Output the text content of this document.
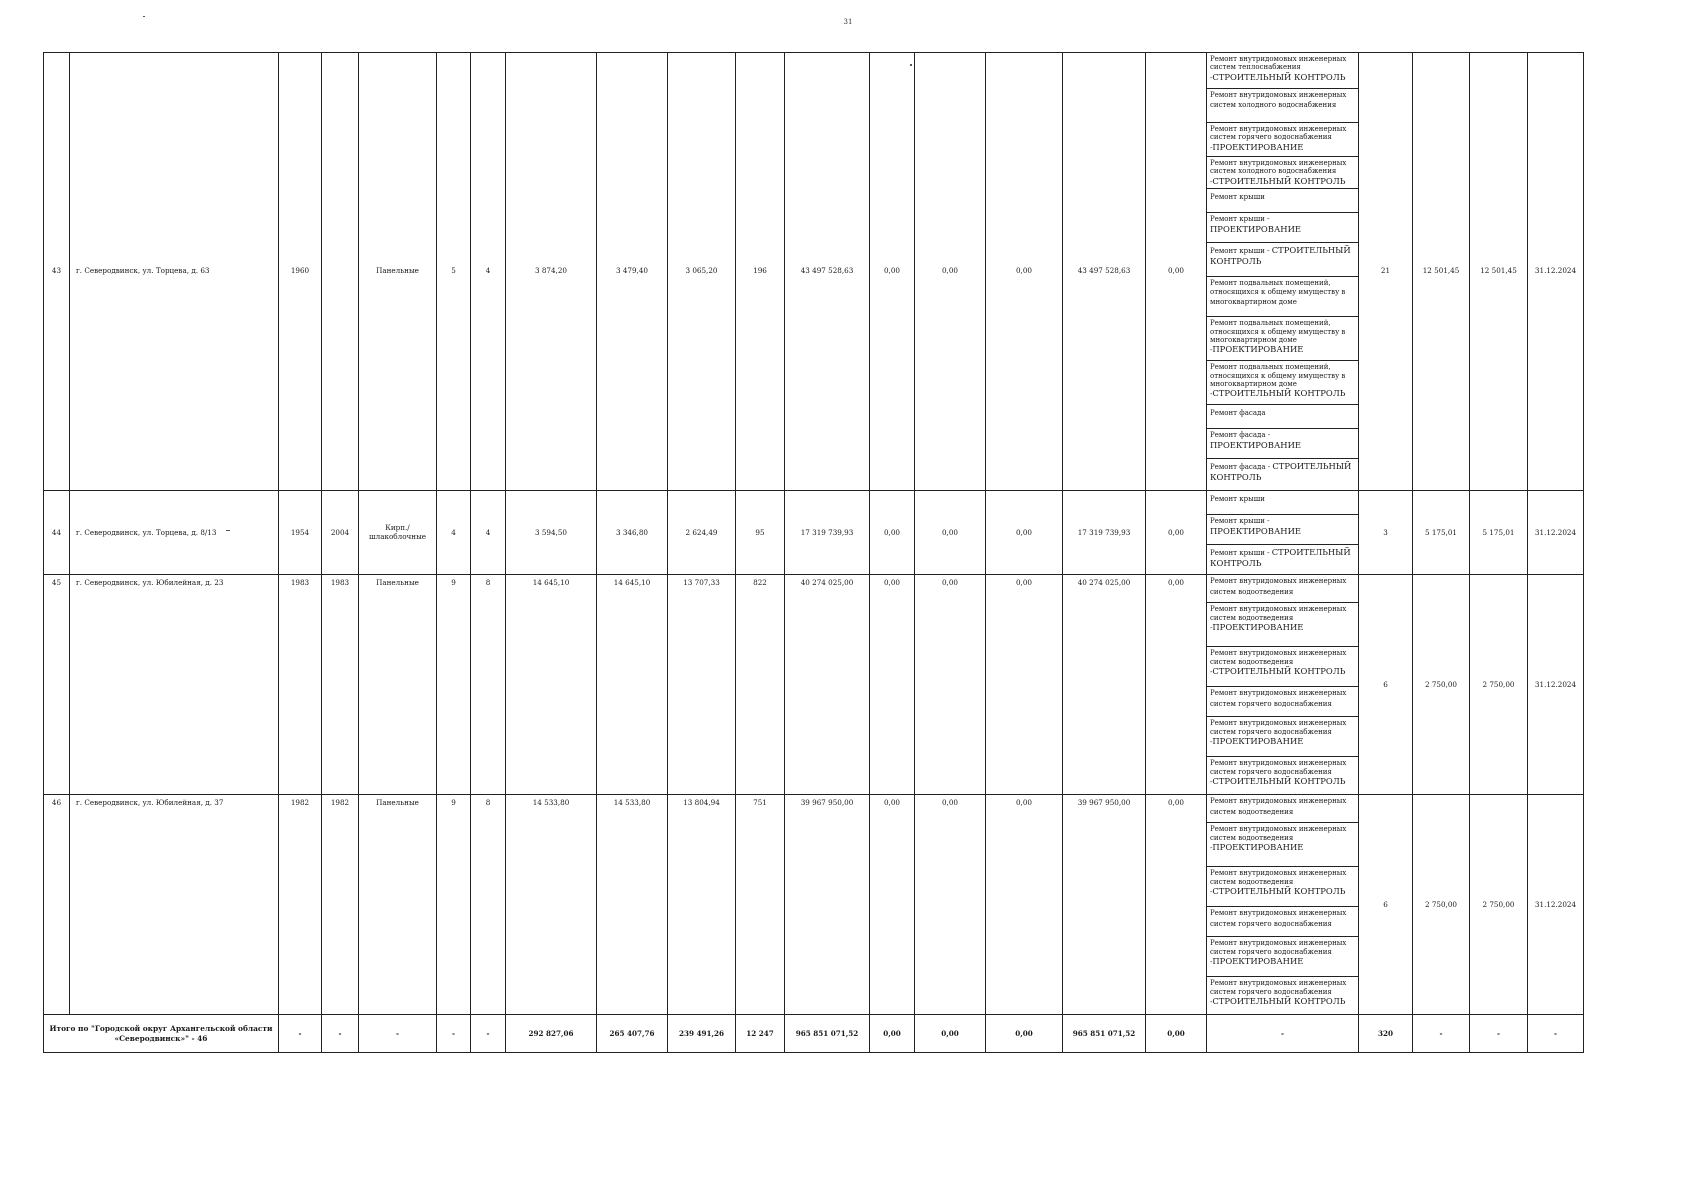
31
43	г. Северодвинск, ул. Торцева, д. 63	1960		Панельные	5	4	3 874,20	3 479,40	3 065,20	196	43 497 528,63	0,00	0,00	0,00	43 497 528,63	0,00	Ремонт внутридомовых инженерных систем теплоснабжения -СТРОИТЕЛЬНЫЙ КОНТРОЛЬ	21	12 501,45	12 501,45	31.12.2024
																	Ремонт внутридомовых инженерных систем холодного водоснабжения				
																	Ремонт внутридомовых инженерных систем горячего водоснабжения -ПРОЕКТИРОВАНИЕ				
																	Ремонт внутридомовых инженерных систем холодного водоснабжения -СТРОИТЕЛЬНЫЙ КОНТРОЛЬ				
																	Ремонт крыши				
																	Ремонт крыши - ПРОЕКТИРОВАНИЕ				
																	Ремонт крыши - СТРОИТЕЛЬНЫЙ КОНТРОЛЬ				
																	Ремонт подвальных помещений, относящихся к общему имуществу в многоквартирном доме				
																	Ремонт подвальных помещений, относящихся к общему имуществу в многоквартирном доме -ПРОЕКТИРОВАНИЕ				
																	Ремонт подвальных помещений, относящихся к общему имуществу в многоквартирном доме -СТРОИТЕЛЬНЫЙ КОНТРОЛЬ				
																	Ремонт фасада				
																	Ремонт фасада - ПРОЕКТИРОВАНИЕ				
																	Ремонт фасада - СТРОИТЕЛЬНЫЙ КОНТРОЛЬ				
44	г. Северодвинск, ул. Торцева, д. 8/13	1954	2004	Кирп./шлакоблочные	4	4	3 594,50	3 346,80	2 624,49	95	17 319 739,93	0,00	0,00	0,00	17 319 739,93	0,00	Ремонт крыши	3	5 175,01	5 175,01	31.12.2024
																	Ремонт крыши - ПРОЕКТИРОВАНИЕ				
																	Ремонт крыши - СТРОИТЕЛЬНЫЙ КОНТРОЛЬ				
45	г. Северодвинск, ул. Юбилейная, д. 23	1983	1983	Панельные	9	8	14 645,10	14 645,10	13 707,33	822	40 274 025,00	0,00	0,00	0,00	40 274 025,00	0,00	Ремонт внутридомовых инженерных систем водоотведения	6	2 750,00	2 750,00	31.12.2024
																	Ремонт внутридомовых инженерных систем водоотведения -ПРОЕКТИРОВАНИЕ				
																	Ремонт внутридомовых инженерных систем водоотведения -СТРОИТЕЛЬНЫЙ КОНТРОЛЬ				
																	Ремонт внутридомовых инженерных систем горячего водоснабжения				
																	Ремонт внутридомовых инженерных систем горячего водоснабжения -ПРОЕКТИРОВАНИЕ				
																	Ремонт внутридомовых инженерных систем горячего водоснабжения -СТРОИТЕЛЬНЫЙ КОНТРОЛЬ				
46	г. Северодвинск, ул. Юбилейная, д. 37	1982	1982	Панельные	9	8	14 533,80	14 533,80	13 804,94	751	39 967 950,00	0,00	0,00	0,00	39 967 950,00	0,00	Ремонт внутридомовых инженерных систем водоотведения	6	2 750,00	2 750,00	31.12.2024
																	Ремонт внутридомовых инженерных систем водоотведения -ПРОЕКТИРОВАНИЕ				
																	Ремонт внутридомовых инженерных систем водоотведения -СТРОИТЕЛЬНЫЙ КОНТРОЛЬ				
																	Ремонт внутридомовых инженерных систем горячего водоснабжения				
																	Ремонт внутридомовых инженерных систем горячего водоснабжения -ПРОЕКТИРОВАНИЕ				
																	Ремонт внутридомовых инженерных систем горячего водоснабжения -СТРОИТЕЛЬНЫЙ КОНТРОЛЬ				
Итого по "Городской округ Архангельской области «Северодвинск»" - 46		-	-	-	-	-	292 827,06	265 407,76	239 491,26	12 247	965 851 071,52	0,00	0,00	0,00	965 851 071,52	0,00	-	320	-	-	-
